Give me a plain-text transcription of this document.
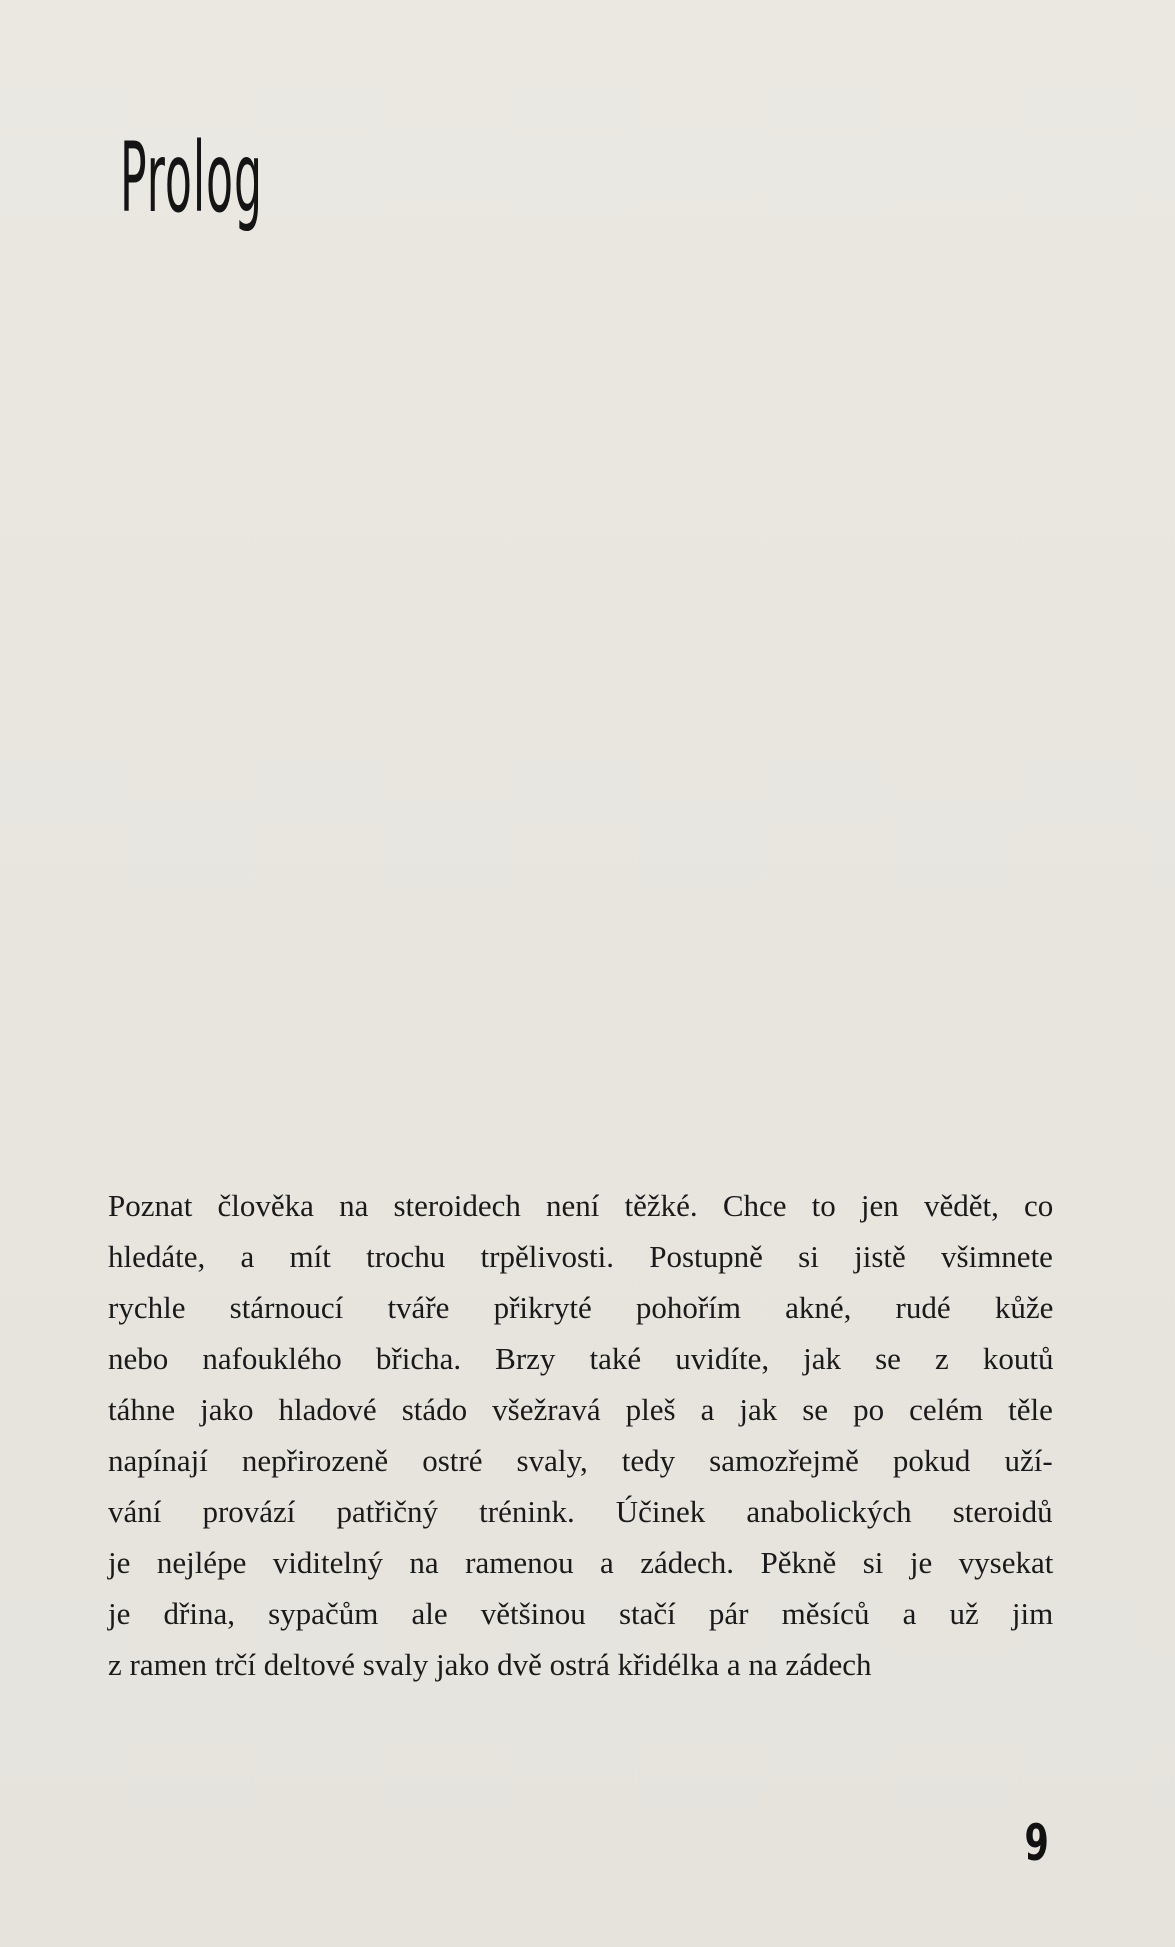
Prolog

Poznat člověka na steroidech není těžké. Chce to jen vědět, co
hledáte, a mít trochu trpělivosti. Postupně si jistě všimnete
rychle stárnoucí tváře přikryté pohořím akné, rudé kůže
nebo nafouklého břicha. Brzy také uvidíte, jak se z koutů
táhne jako hladové stádo všežravá pleš a jak se po celém těle
napínají nepřirozeně ostré svaly, tedy samozřejmě pokud uží-
vání provází patřičný trénink. Účinek anabolických steroidů
je nejlépe viditelný na ramenou a zádech. Pěkně si je vysekat
je dřina, sypačům ale většinou stačí pár měsíců a už jim
z ramen trčí deltové svaly jako dvě ostrá křidélka a na zádech

9
